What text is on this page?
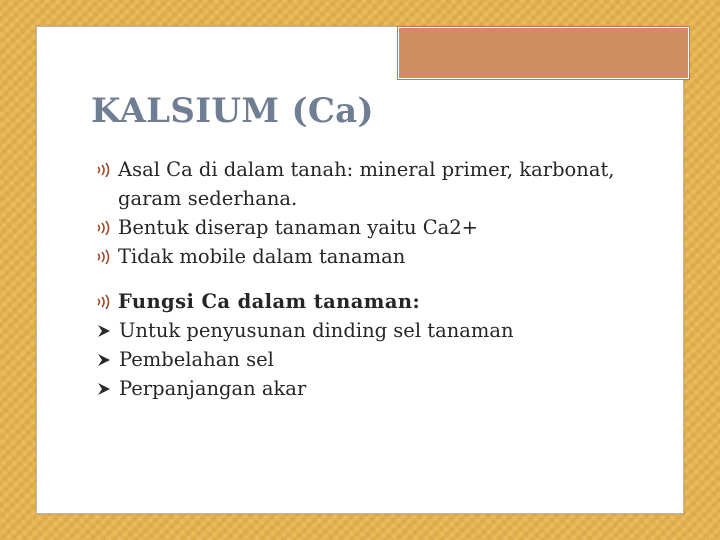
KALSIUM (Ca)
Asal Ca di dalam tanah: mineral primer, karbonat, garam sederhana.
Bentuk diserap tanaman yaitu Ca2+
Tidak mobile dalam tanaman
Fungsi Ca dalam tanaman:
Untuk penyusunan dinding sel tanaman
Pembelahan sel
Perpanjangan akar
